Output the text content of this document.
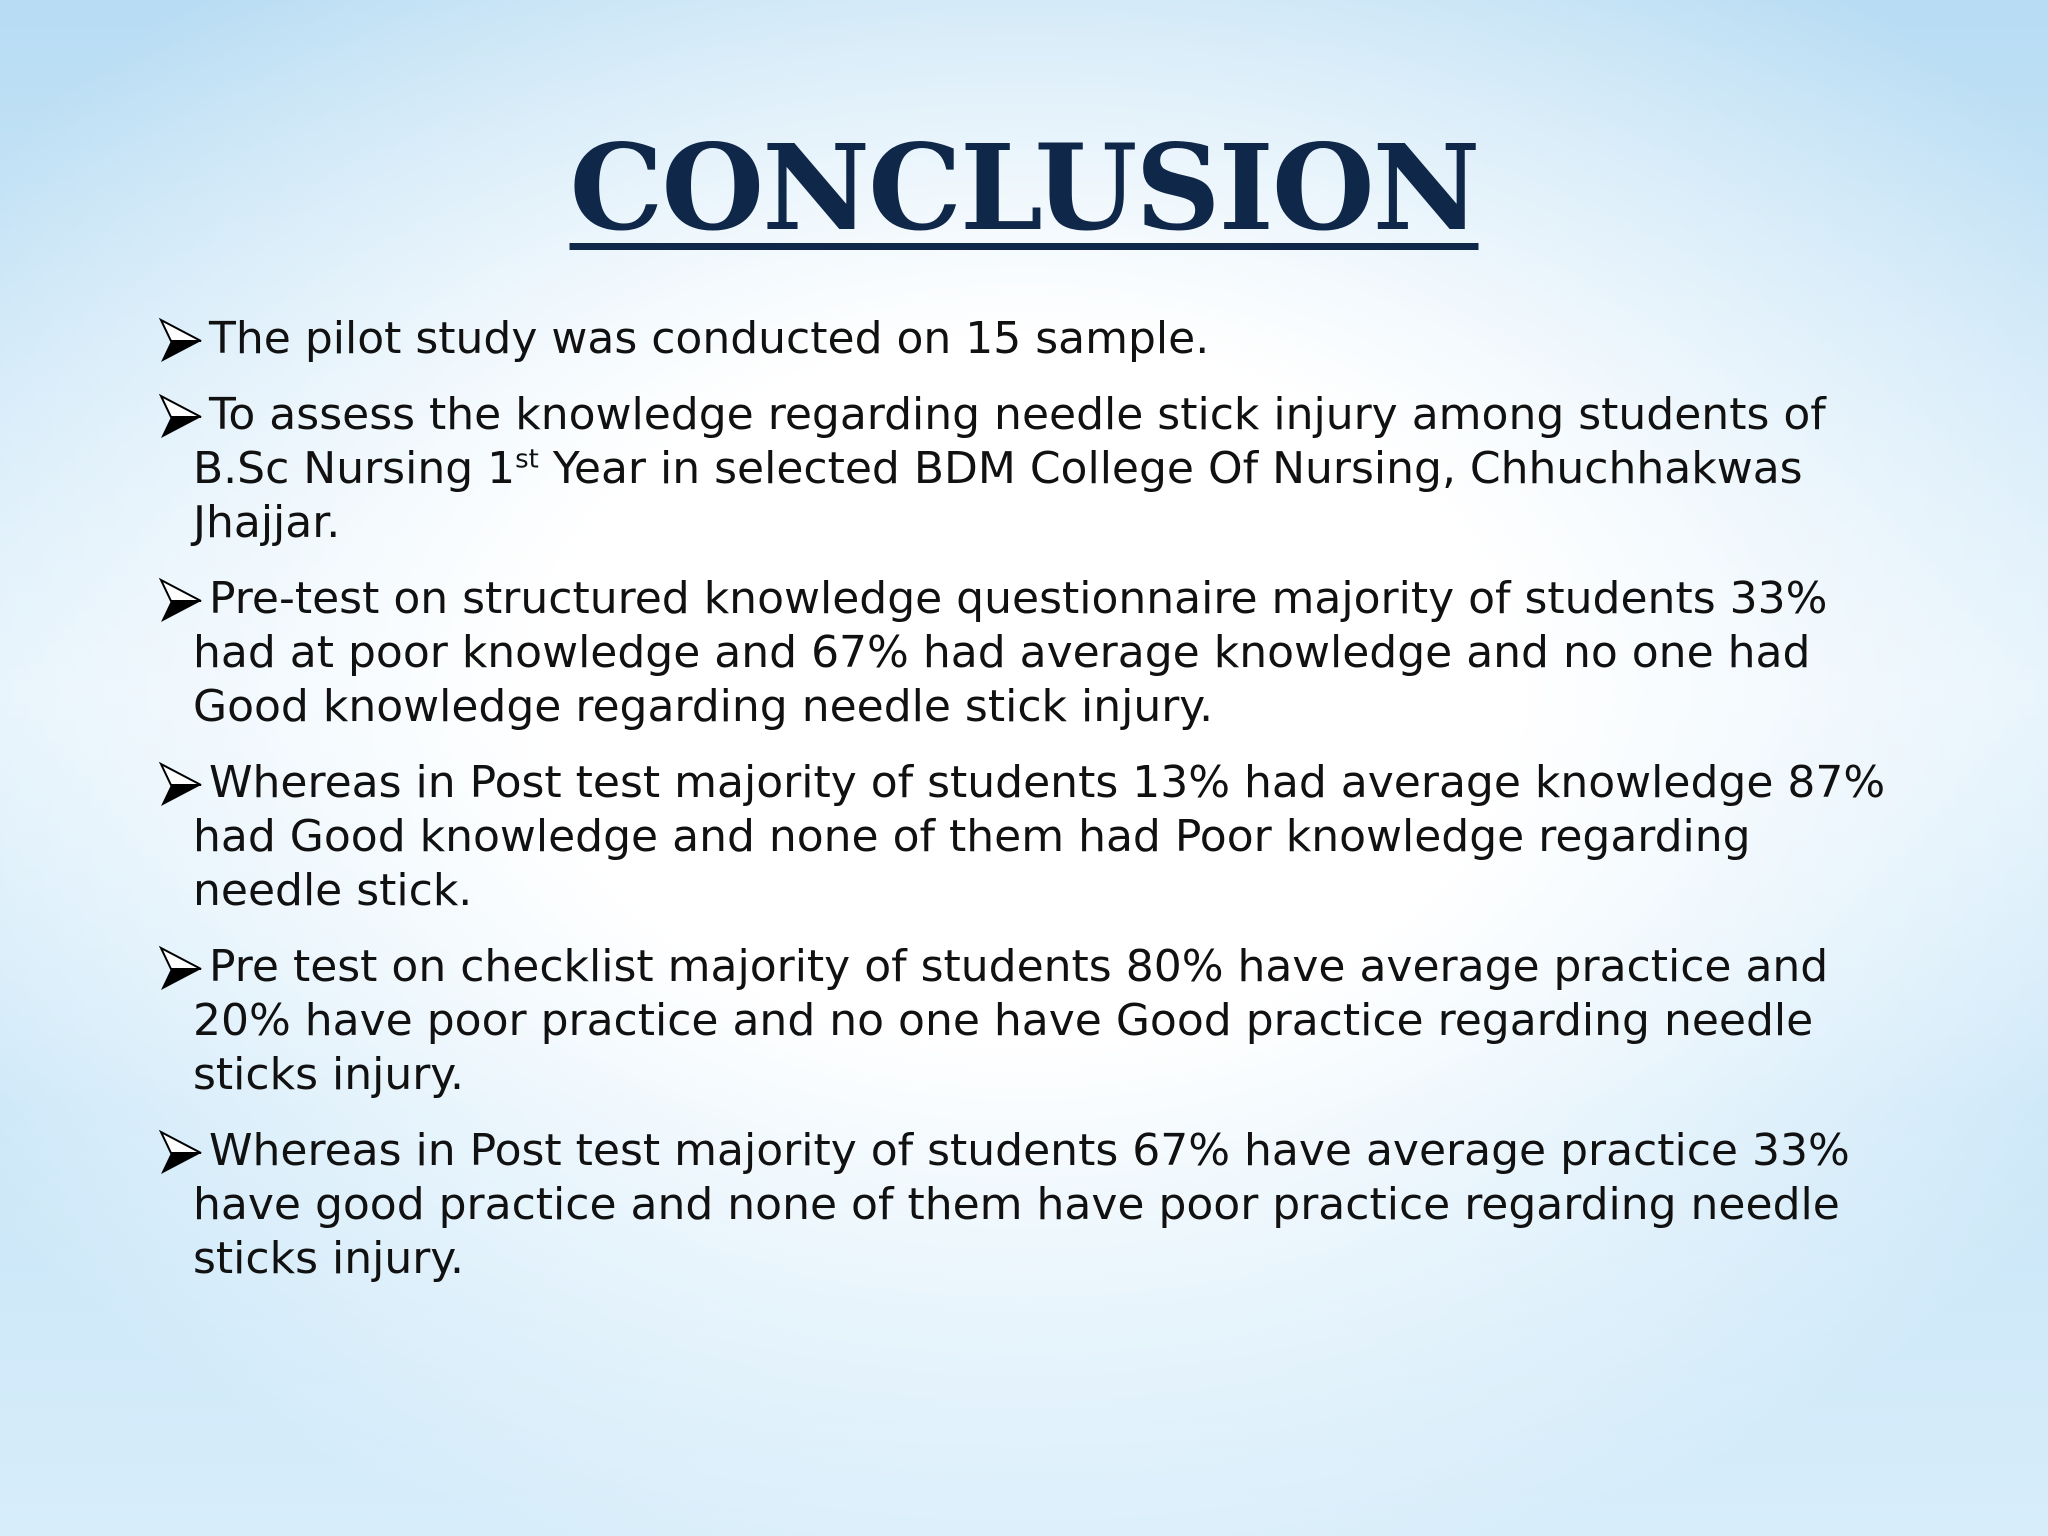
CONCLUSION
The pilot study was conducted on 15 sample.
To assess the knowledge regarding needle stick injury among students of B.Sc Nursing 1st Year in selected BDM College Of Nursing, Chhuchhakwas Jhajjar.
Pre-test on structured knowledge questionnaire majority of students 33% had at poor knowledge and 67% had average knowledge and no one had Good knowledge regarding needle stick injury.
Whereas in Post test majority of students 13% had average knowledge 87% had Good knowledge and none of them had Poor knowledge regarding needle stick.
Pre test on checklist majority of students 80% have average practice and 20% have poor practice and no one have Good practice regarding needle sticks injury.
Whereas in Post test majority of students 67% have average practice 33% have good practice and none of them have poor practice regarding needle sticks injury.
